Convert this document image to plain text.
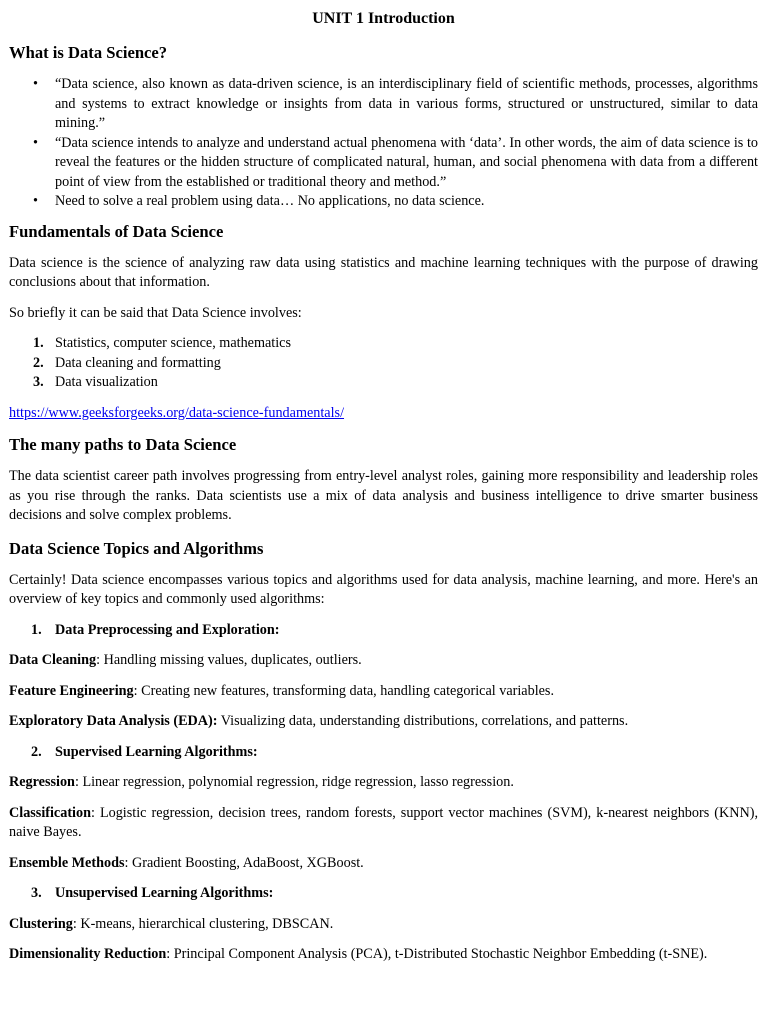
UNIT 1 Introduction
What is Data Science?
• “Data science, also known as data-driven science, is an interdisciplinary field of scientific methods, processes, algorithms and systems to extract knowledge or insights from data in various forms, structured or unstructured, similar to data mining.”
• “Data science intends to analyze and understand actual phenomena with ‘data’. In other words, the aim of data science is to reveal the features or the hidden structure of complicated natural, human, and social phenomena with data from a different point of view from the established or traditional theory and method.”
• Need to solve a real problem using data… No applications, no data science.
Fundamentals of Data Science

Data science is the science of analyzing raw data using statistics and machine learning techniques with the purpose of drawing conclusions about that information.

So briefly it can be said that Data Science involves:

1. Statistics, computer science, mathematics
2. Data cleaning and formatting
3. Data visualization

https://www.geeksforgeeks.org/data-science-fundamentals/

The many paths to Data Science

The data scientist career path involves progressing from entry-level analyst roles, gaining more responsibility and leadership roles as you rise through the ranks. Data scientists use a mix of data analysis and business intelligence to drive smarter business decisions and solve complex problems.

Data Science Topics and Algorithms

Certainly! Data science encompasses various topics and algorithms used for data analysis, machine learning, and more. Here's an overview of key topics and commonly used algorithms:

1. Data Preprocessing and Exploration:

Data Cleaning: Handling missing values, duplicates, outliers.

Feature Engineering: Creating new features, transforming data, handling categorical variables.

Exploratory Data Analysis (EDA): Visualizing data, understanding distributions, correlations, and patterns.

2. Supervised Learning Algorithms:

Regression: Linear regression, polynomial regression, ridge regression, lasso regression.

Classification: Logistic regression, decision trees, random forests, support vector machines (SVM), k-nearest neighbors (KNN), naive Bayes.

Ensemble Methods: Gradient Boosting, AdaBoost, XGBoost.

3. Unsupervised Learning Algorithms:

Clustering: K-means, hierarchical clustering, DBSCAN.

Dimensionality Reduction: Principal Component Analysis (PCA), t-Distributed Stochastic Neighbor Embedding (t-SNE).
